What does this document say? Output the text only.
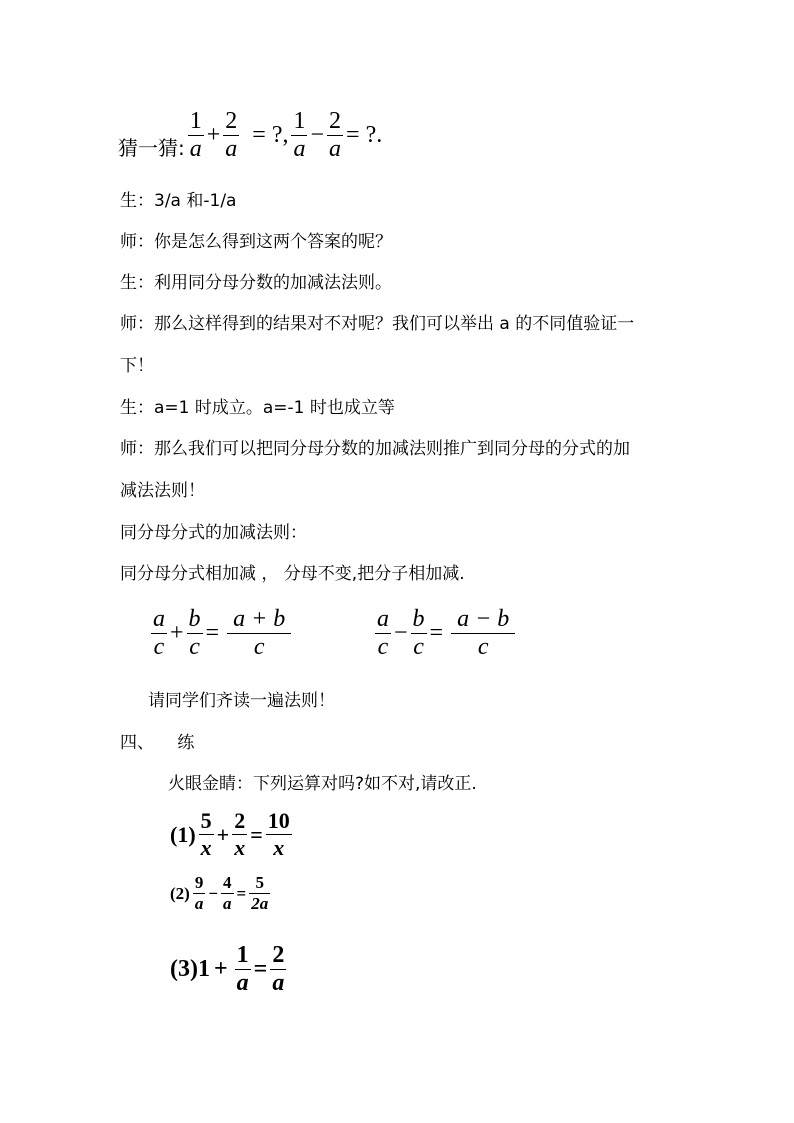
猜一猜: $\frac{1}{a} + \frac{2}{a}$ = ?, $\frac{1}{a} - \frac{2}{a}$ = ?.
生：3/a 和-1/a
师：你是怎么得到这两个答案的呢？
生：利用同分母分数的加减法法则。
师：那么这样得到的结果对不对呢？我们可以举出 a 的不同值验证一
下！
生：a=1 时成立。a=-1 时也成立等
师：那么我们可以把同分母分数的加减法则推广到同分母的分式的加
减法法则！
同分母分式的加减法则：
同分母分式相加减 ， 分母不变,把分子相加减.
$\frac{a}{c} + \frac{b}{c} = \frac{a + b}{c}$	$\frac{a}{c} - \frac{b}{c} = \frac{a - b}{c}$
请同学们齐读一遍法则！
四、 练
火眼金睛：下列运算对吗?如不对,请改正.
$(1) \frac{5}{x} + \frac{2}{x} = \frac{10}{x}$
$(2) \frac{9}{a} - \frac{4}{a} = \frac{5}{2a}$
$(3)1 + \frac{1}{a} = \frac{2}{a}$
